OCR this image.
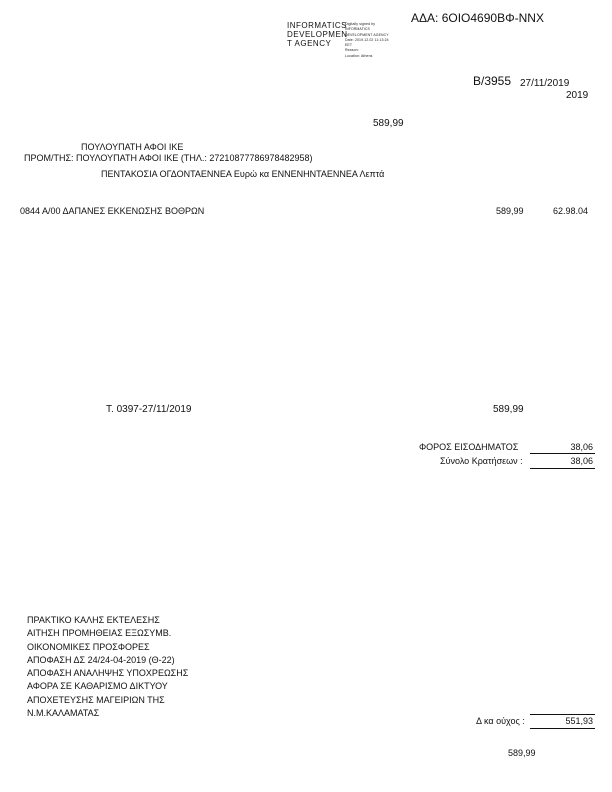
ΑΔΑ: 6ΟΙΟ4690ΒΦ-ΝΝΧ
INFORMATICS
DEVELOPMEN
T AGENCY
Digitally signed by
INFORMATICS
DEVELOPMENT AGENCY
Date: 2019.12.02 11:13:24
EET
Reason:
Location: Athens
Β/3955 27/11/2019
2019
589,99
ΠΟΥΛΟΥΠΑΤΗ ΑΦΟΙ ΙΚΕ
ΠΡΟΜ/ΤΗΣ: ΠΟΥΛΟΥΠΑΤΗ ΑΦΟΙ ΙΚΕ (ΤΗΛ.: 27210877786978482958)
ΠΕΝΤΑΚΟΣΙΑ ΟΓΔΟΝΤΑΕΝΝΕΑ Ευρώ κα ΕΝΝΕΝΗΝΤΑΕΝΝΕΑ Λεπτά
0844 Α/00 ΔΑΠΑΝΕΣ ΕΚΚΕΝΩΣΗΣ ΒΟΘΡΩΝ	589,99	62.98.04
Τ. 0397-27/11/2019	589,99
ΦΟΡΟΣ ΕΙΣΟΔΗΜΑΤΟΣ	38,06
Σύνολο Κρατήσεων :	38,06
ΠΡΑΚΤΙΚΟ ΚΑΛΗΣ ΕΚΤΕΛΕΣΗΣ
ΑΙΤΗΣΗ ΠΡΟΜΗΘΕΙΑΣ ΕΞΩΣΥΜΒ.
ΟΙΚΟΝΟΜΙΚΕΣ ΠΡΟΣΦΟΡΕΣ
ΑΠΟΦΑΣΗ ΔΣ 24/24-04-2019 (Θ-22)
ΑΠΟΦΑΣΗ ΑΝΑΛΗΨΗΣ ΥΠΟΧΡΕΩΣΗΣ
ΑΦΟΡΑ ΣΕ ΚΑΘΑΡΙΣΜΟ ΔΙΚΤΥΟΥ
ΑΠΟΧΕΤΕΥΣΗΣ ΜΑΓΕΙΡΙΩΝ ΤΗΣ
Ν.Μ.ΚΑΛΑΜΑΤΑΣ
Δ κα ούχος :	551,93
589,99
